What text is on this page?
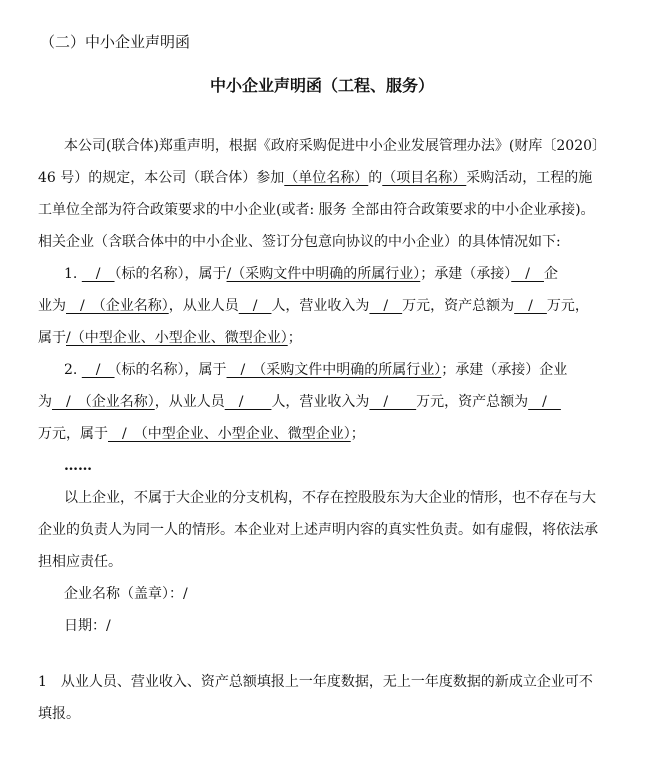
（二）中小企业声明函
中小企业声明函（工程、服务）
本公司(联合体)郑重声明，根据《政府采购促进中小企业发展管理办法》(财库〔2020〕
46 号）的规定，本公司（联合体）参加（单位名称）的（项目名称）采购活动，工程的施
工单位全部为符合政策要求的中小企业(或者: 服务 全部由符合政策要求的中小企业承接)。
相关企业（含联合体中的中小企业、签订分包意向协议的中小企业）的具体情况如下:
1. 　/　（标的名称），属于/（采购文件中明确的所属行业）；承建（承接）　/　企
业为　/　（企业名称），从业人员　/　人，营业收入为　/　万元，资产总额为　/　万元，
属于/（中型企业、小型企业、微型企业）；
2. 　/　（标的名称），属于　/　（采购文件中明确的所属行业）；承建（承接）企业
为　/　（企业名称），从业人员　/　　人，营业收入为　/　　万元，资产总额为　/　
万元，属于　/　（中型企业、小型企业、微型企业）；
……
以上企业，不属于大企业的分支机构，不存在控股股东为大企业的情形，也不存在与大
企业的负责人为同一人的情形。本企业对上述声明内容的真实性负责。如有虚假，将依法承
担相应责任。
企业名称（盖章）：/
日期：/
1　从业人员、营业收入、资产总额填报上一年度数据，无上一年度数据的新成立企业可不
填报。
